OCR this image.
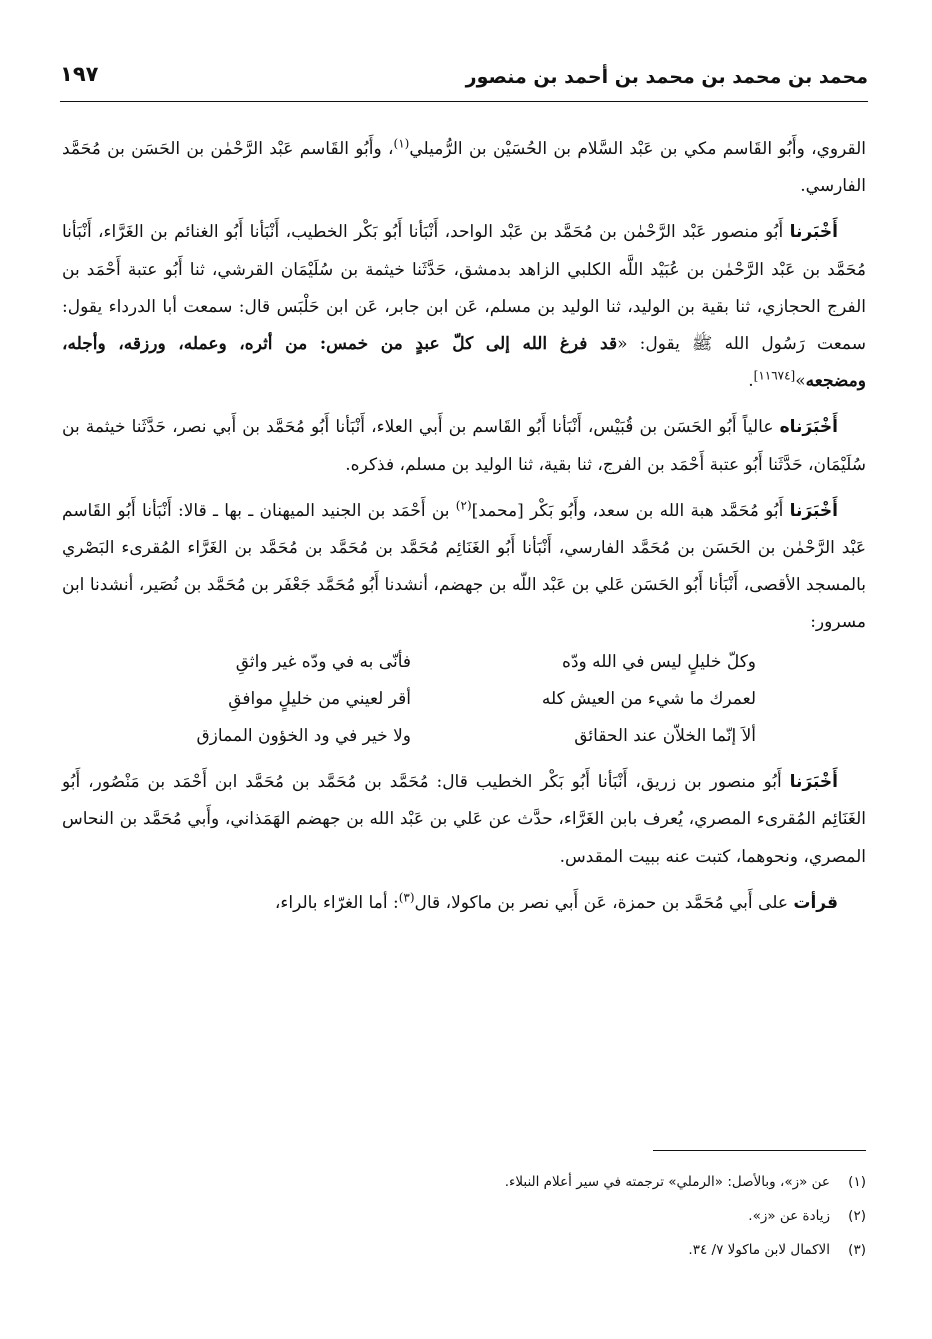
محمد بن محمد بن محمد بن أحمد بن منصور
١٩٧

القروي، وأَبُو القَاسم مكي بن عَبْد السَّلام بن الحُسَيْن بن الرُّميلي$^{(١)}$، وأَبُو القَاسم عَبْد الرَّحْمٰن بن الحَسَن بن مُحَمَّد الفارسي.

أَخْبَرنا أَبُو منصور عَبْد الرَّحْمٰن بن مُحَمَّد بن عَبْد الواحد، أَنْبَأنا أَبُو بَكْر الخطيب، أَنْبَأنا أَبُو الغنائم بن الغَرَّاء، أَنْبَأنا مُحَمَّد بن عَبْد الرَّحْمٰن بن عُبَيْد اللَّه الكلبي الزاهد بدمشق، حَدَّثَنا خيثمة بن سُلَيْمَان القرشي، ثنا أَبُو عتبة أَحْمَد بن الفرج الحجازي، ثنا بقية بن الوليد، ثنا الوليد بن مسلم، عَن ابن جابر، عَن ابن حَلْبَس قال: سمعت أبا الدرداء يقول: سمعت رَسُول الله ﷺ يقول: «قد فرغ الله إلى كلّ عبدٍ من خمس: من أثره، وعمله، ورزقه، وأجله، ومضجعه»[١١٦٧٤].

أَخْبَرَناه عالياً أَبُو الحَسَن بن قُبَيْس، أَنْبَأنا أَبُو القَاسم بن أَبي العلاء، أَنْبَأنا أَبُو مُحَمَّد بن أَبي نصر، حَدَّثَنا خيثمة بن سُلَيْمَان، حَدَّثَنا أَبُو عتبة أَحْمَد بن الفرج، ثنا بقية، ثنا الوليد بن مسلم، فذكره.

أَخْبَرَنا أَبُو مُحَمَّد هبة الله بن سعد، وأَبُو بَكْر [محمد]$^{(٢)}$ بن أَحْمَد بن الجنيد الميهنان ـ بها ـ قالا: أَنْبَأنا أَبُو القَاسم عَبْد الرَّحْمٰن بن الحَسَن بن مُحَمَّد الفارسي، أَنْبَأنا أَبُو الغَنَائِم مُحَمَّد بن مُحَمَّد بن مُحَمَّد بن الغَرَّاء المُقرىء البَصْري بالمسجد الأقصى، أَنْبَأنا أَبُو الحَسَن عَلي بن عَبْد اللّه بن جهضم، أنشدنا أَبُو مُحَمَّد جَعْفَر بن مُحَمَّد بن نُصَير، أنشدنا ابن مسرور:

وكلّ خليلٍ ليس في الله ودّه
فأنّى به في ودّه غير واثقِ
لعمرك ما شيء من العيش كله
أقر لعيني من خليلٍ موافقِ
ألاَ إنّما الخلاّن عند الحقائق
ولا خير في ود الخؤون الممازق

أَخْبَرَنا أَبُو منصور بن زريق، أَنْبَأنا أَبُو بَكْر الخطيب قال: مُحَمَّد بن مُحَمَّد بن مُحَمَّد ابن أَحْمَد بن مَنْصُور، أَبُو الغَنَائِم المُقرىء المصري، يُعرف بابن الغَرَّاء، حدَّث عن عَلي بن عَبْد الله بن جهضم الهَمَذاني، وأَبي مُحَمَّد بن النحاس المصري، ونحوهما، كتبت عنه ببيت المقدس.

قرأت على أَبي مُحَمَّد بن حمزة، عَن أَبي نصر بن ماكولا، قال$^{(٣)}$: أما الغرّاء بالراء،

(١)عن «ز»، وبالأصل: «الرملي» ترجمته في سير أعلام النبلاء.
(٢)زيادة عن «ز».
(٣)الاكمال لابن ماكولا ٧/ ٣٤.
